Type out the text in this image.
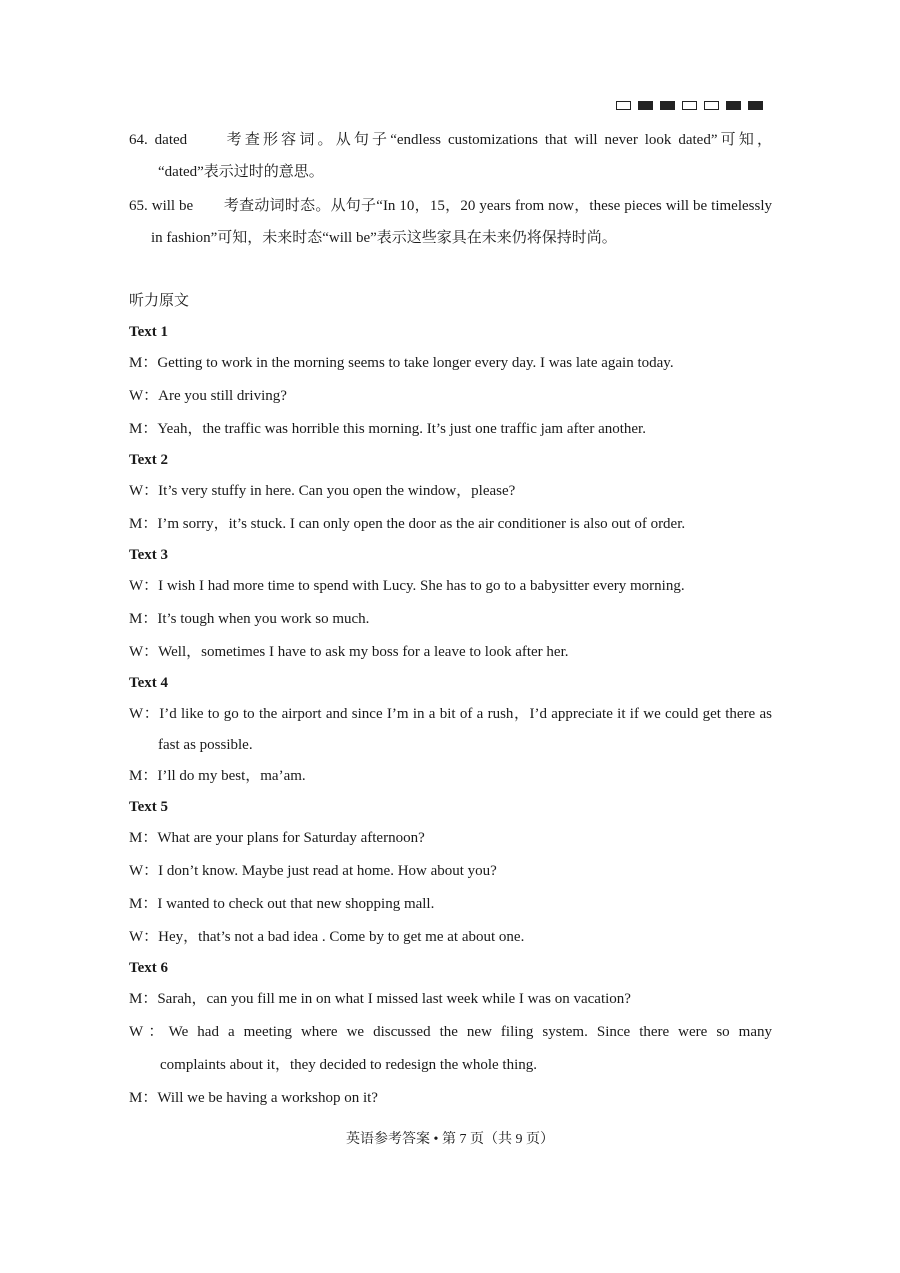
64. dated　　考查形容词。从句子“endless customizations that will never look dated”可知，
“dated”表示过时的意思。
65. will be　　考查动词时态。从句子“In 10，15，20 years from now，these pieces will be timelessly
in fashion”可知，未来时态“will be”表示这些家具在未来仍将保持时尚。
听力原文
Text 1
M：Getting to work in the morning seems to take longer every day. I was late again today.
W：Are you still driving?
M：Yeah，the traffic was horrible this morning. It’s just one traffic jam after another.
Text 2
W：It’s very stuffy in here. Can you open the window，please?
M：I’m sorry，it’s stuck. I can only open the door as the air conditioner is also out of order.
Text 3
W：I wish I had more time to spend with Lucy. She has to go to a babysitter every morning.
M：It’s tough when you work so much.
W：Well，sometimes I have to ask my boss for a leave to look after her.
Text 4
W：I’d like to go to the airport and since I’m in a bit of a rush，I’d appreciate it if we could get there as
fast as possible.
M：I’ll do my best，ma’am.
Text 5
M：What are your plans for Saturday afternoon?
W：I don’t know. Maybe just read at home. How about you?
M：I wanted to check out that new shopping mall.
W：Hey，that’s not a bad idea . Come by to get me at about one.
Text 6
M：Sarah，can you fill me in on what I missed last week while I was on vacation?
W：We had a meeting where we discussed the new filing system. Since there were so many
complaints about it，they decided to redesign the whole thing.
M：Will we be having a workshop on it?
英语参考答案 • 第 7 页（共 9 页）
